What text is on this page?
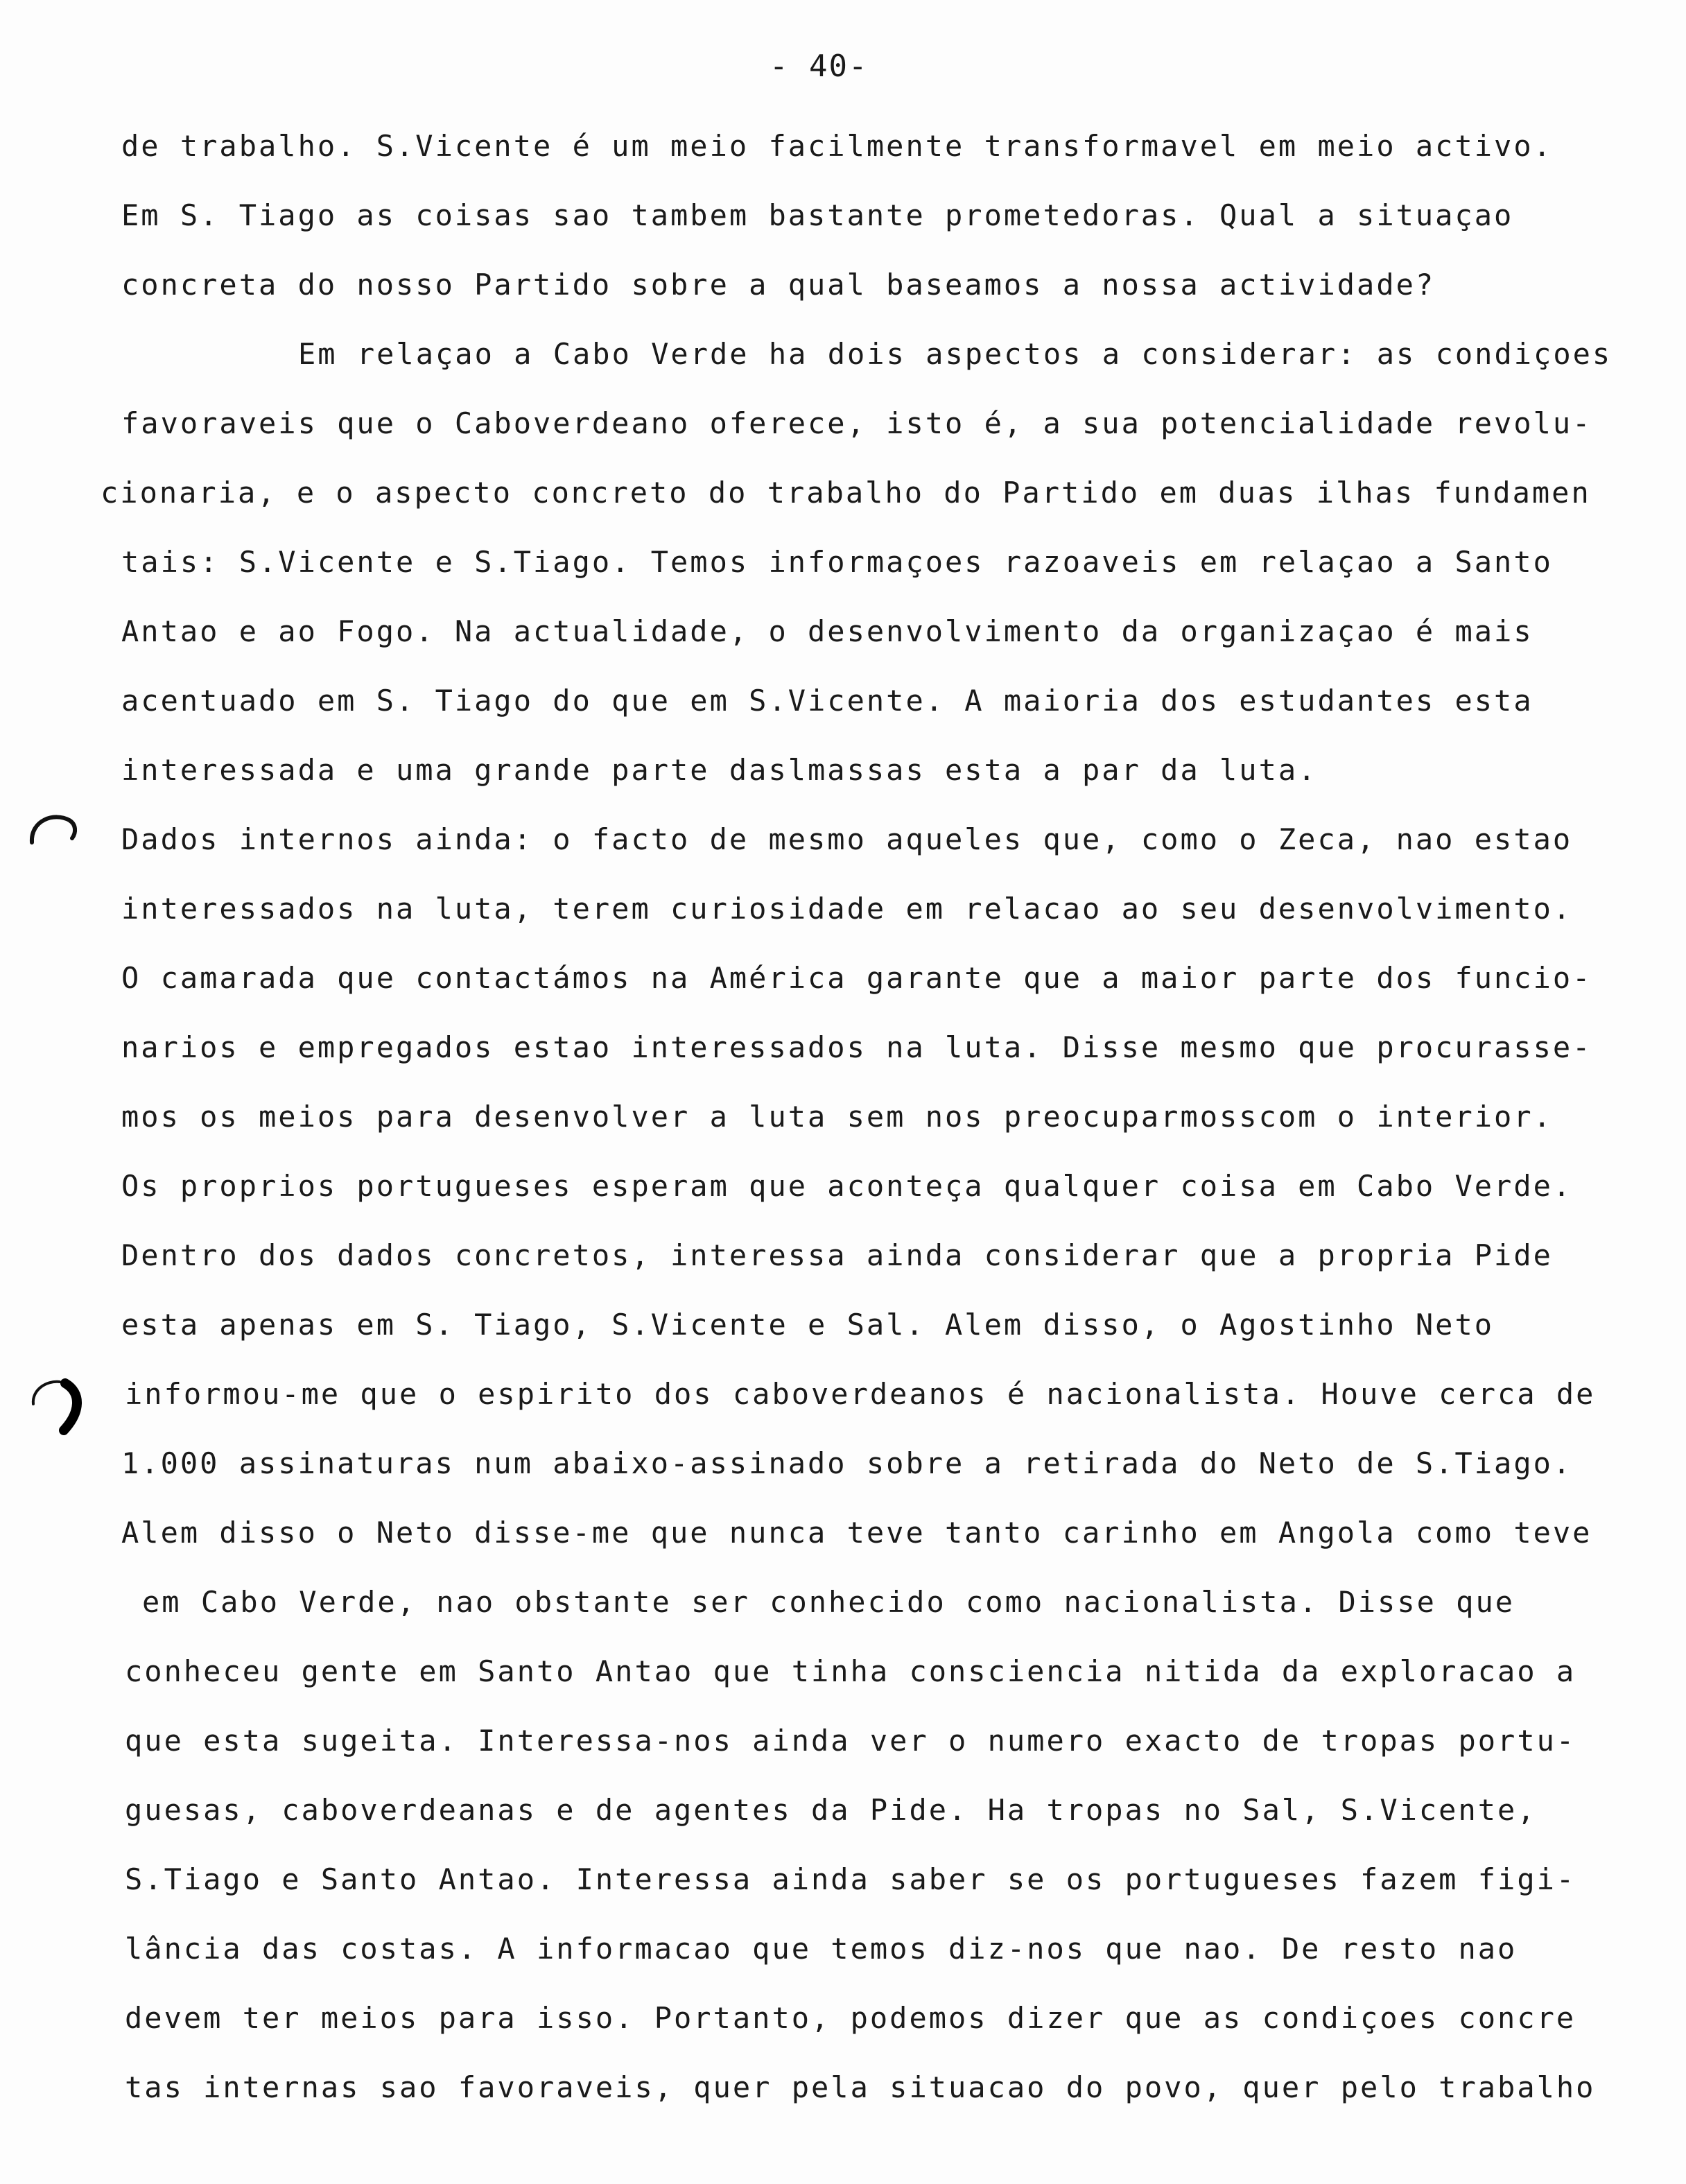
- 40-
de trabalho. S.Vicente é um meio facilmente transformavel em meio activo.
Em S. Tiago as coisas sao tambem bastante prometedoras. Qual a situaçao
concreta do nosso Partido sobre a qual baseamos a nossa actividade?
Em relaçao a Cabo Verde ha dois aspectos a considerar: as condiçoes
favoraveis que o Caboverdeano oferece, isto é, a sua potencialidade revolu-
cionaria, e o aspecto concreto do trabalho do Partido em duas ilhas fundamen
tais: S.Vicente e S.Tiago. Temos informaçoes razoaveis em relaçao a Santo
Antao e ao Fogo. Na actualidade, o desenvolvimento da organizaçao é mais
acentuado em S. Tiago do que em S.Vicente. A maioria dos estudantes esta
interessada e uma grande parte daslmassas esta a par da luta.
Dados internos ainda: o facto de mesmo aqueles que, como o Zeca, nao estao
interessados na luta, terem curiosidade em relacao ao seu desenvolvimento.
O camarada que contactámos na América garante que a maior parte dos funcio-
narios e empregados estao interessados na luta. Disse mesmo que procurasse-
mos os meios para desenvolver a luta sem nos preocuparmosscom o interior.
Os proprios portugueses esperam que aconteça qualquer coisa em Cabo Verde.
Dentro dos dados concretos, interessa ainda considerar que a propria Pide
esta apenas em S. Tiago, S.Vicente e Sal. Alem disso, o Agostinho Neto
informou-me que o espirito dos caboverdeanos é nacionalista. Houve cerca de
1.000 assinaturas num abaixo-assinado sobre a retirada do Neto de S.Tiago.
Alem disso o Neto disse-me que nunca teve tanto carinho em Angola como teve
em Cabo Verde, nao obstante ser conhecido como nacionalista. Disse que
conheceu gente em Santo Antao que tinha consciencia nitida da exploracao a
que esta sugeita. Interessa-nos ainda ver o numero exacto de tropas portu-
guesas, caboverdeanas e de agentes da Pide. Ha tropas no Sal, S.Vicente,
S.Tiago e Santo Antao. Interessa ainda saber se os portugueses fazem figi-
lância das costas. A informacao que temos diz-nos que nao. De resto nao
devem ter meios para isso. Portanto, podemos dizer que as condiçoes concre
tas internas sao favoraveis, quer pela situacao do povo, quer pelo trabalho
